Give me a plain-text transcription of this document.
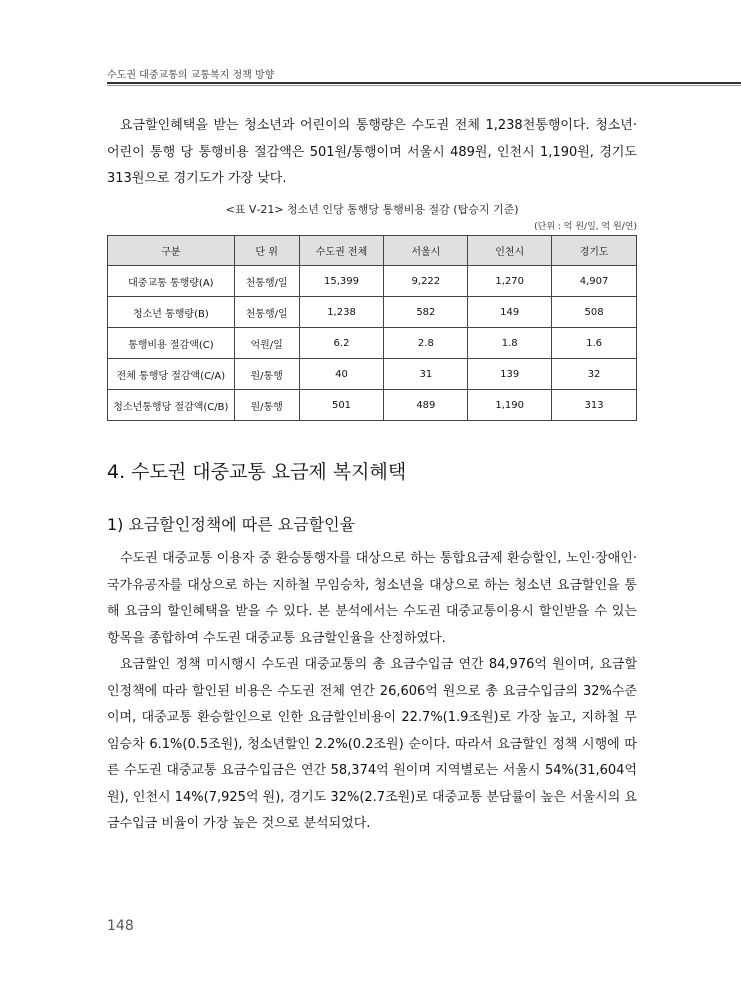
수도권 대중교통의 교통복지 정책 방향

요금할인혜택을 받는 청소년과 어린이의 통행량은 수도권 전체 1,238천통행이다. 청소년·어린이 통행 당 통행비용 절감액은 501원/통행이며 서울시 489원, 인천시 1,190원, 경기도 313원으로 경기도가 가장 낮다.

<표 Ⅴ-21> 청소년 인당 통행당 통행비용 절감 (탑승지 기준)
(단위 : 억 원/일, 억 원/연)
구분	단 위	수도권 전체	서울시	인천시	경기도
대중교통 통행량(A)	천통행/일	15,399	9,222	1,270	4,907
청소년 통행량(B)	천통행/일	1,238	582	149	508
통행비용 절감액(C)	억원/일	6.2	2.8	1.8	1.6
전체 통행당 절감액(C/A)	원/통행	40	31	139	32
청소년통행당 절감액(C/B)	원/통행	501	489	1,190	313
4. 수도권 대중교통 요금제 복지혜택
1) 요금할인정책에 따른 요금할인율

수도권 대중교통 이용자 중 환승통행자를 대상으로 하는 통합요금제 환승할인, 노인·장애인·국가유공자를 대상으로 하는 지하철 무임승차, 청소년을 대상으로 하는 청소년 요금할인을 통해 요금의 할인혜택을 받을 수 있다. 본 분석에서는 수도권 대중교통이용시 할인받을 수 있는 항목을 종합하여 수도권 대중교통 요금할인율을 산정하였다.

요금할인 정책 미시행시 수도권 대중교통의 총 요금수입금 연간 84,976억 원이며, 요금할인정책에 따라 할인된 비용은 수도권 전체 연간 26,606억 원으로 총 요금수입금의 32%수준이며, 대중교통 환승할인으로 인한 요금할인비용이 22.7%(1.9조원)로 가장 높고, 지하철 무임승차 6.1%(0.5조원), 청소년할인 2.2%(0.2조원) 순이다. 따라서 요금할인 정책 시행에 따른 수도권 대중교통 요금수입금은 연간 58,374억 원이며 지역별로는 서울시 54%(31,604억 원), 인천시 14%(7,925억 원), 경기도 32%(2.7조원)로 대중교통 분담률이 높은 서울시의 요금수입금 비율이 가장 높은 것으로 분석되었다.

148
